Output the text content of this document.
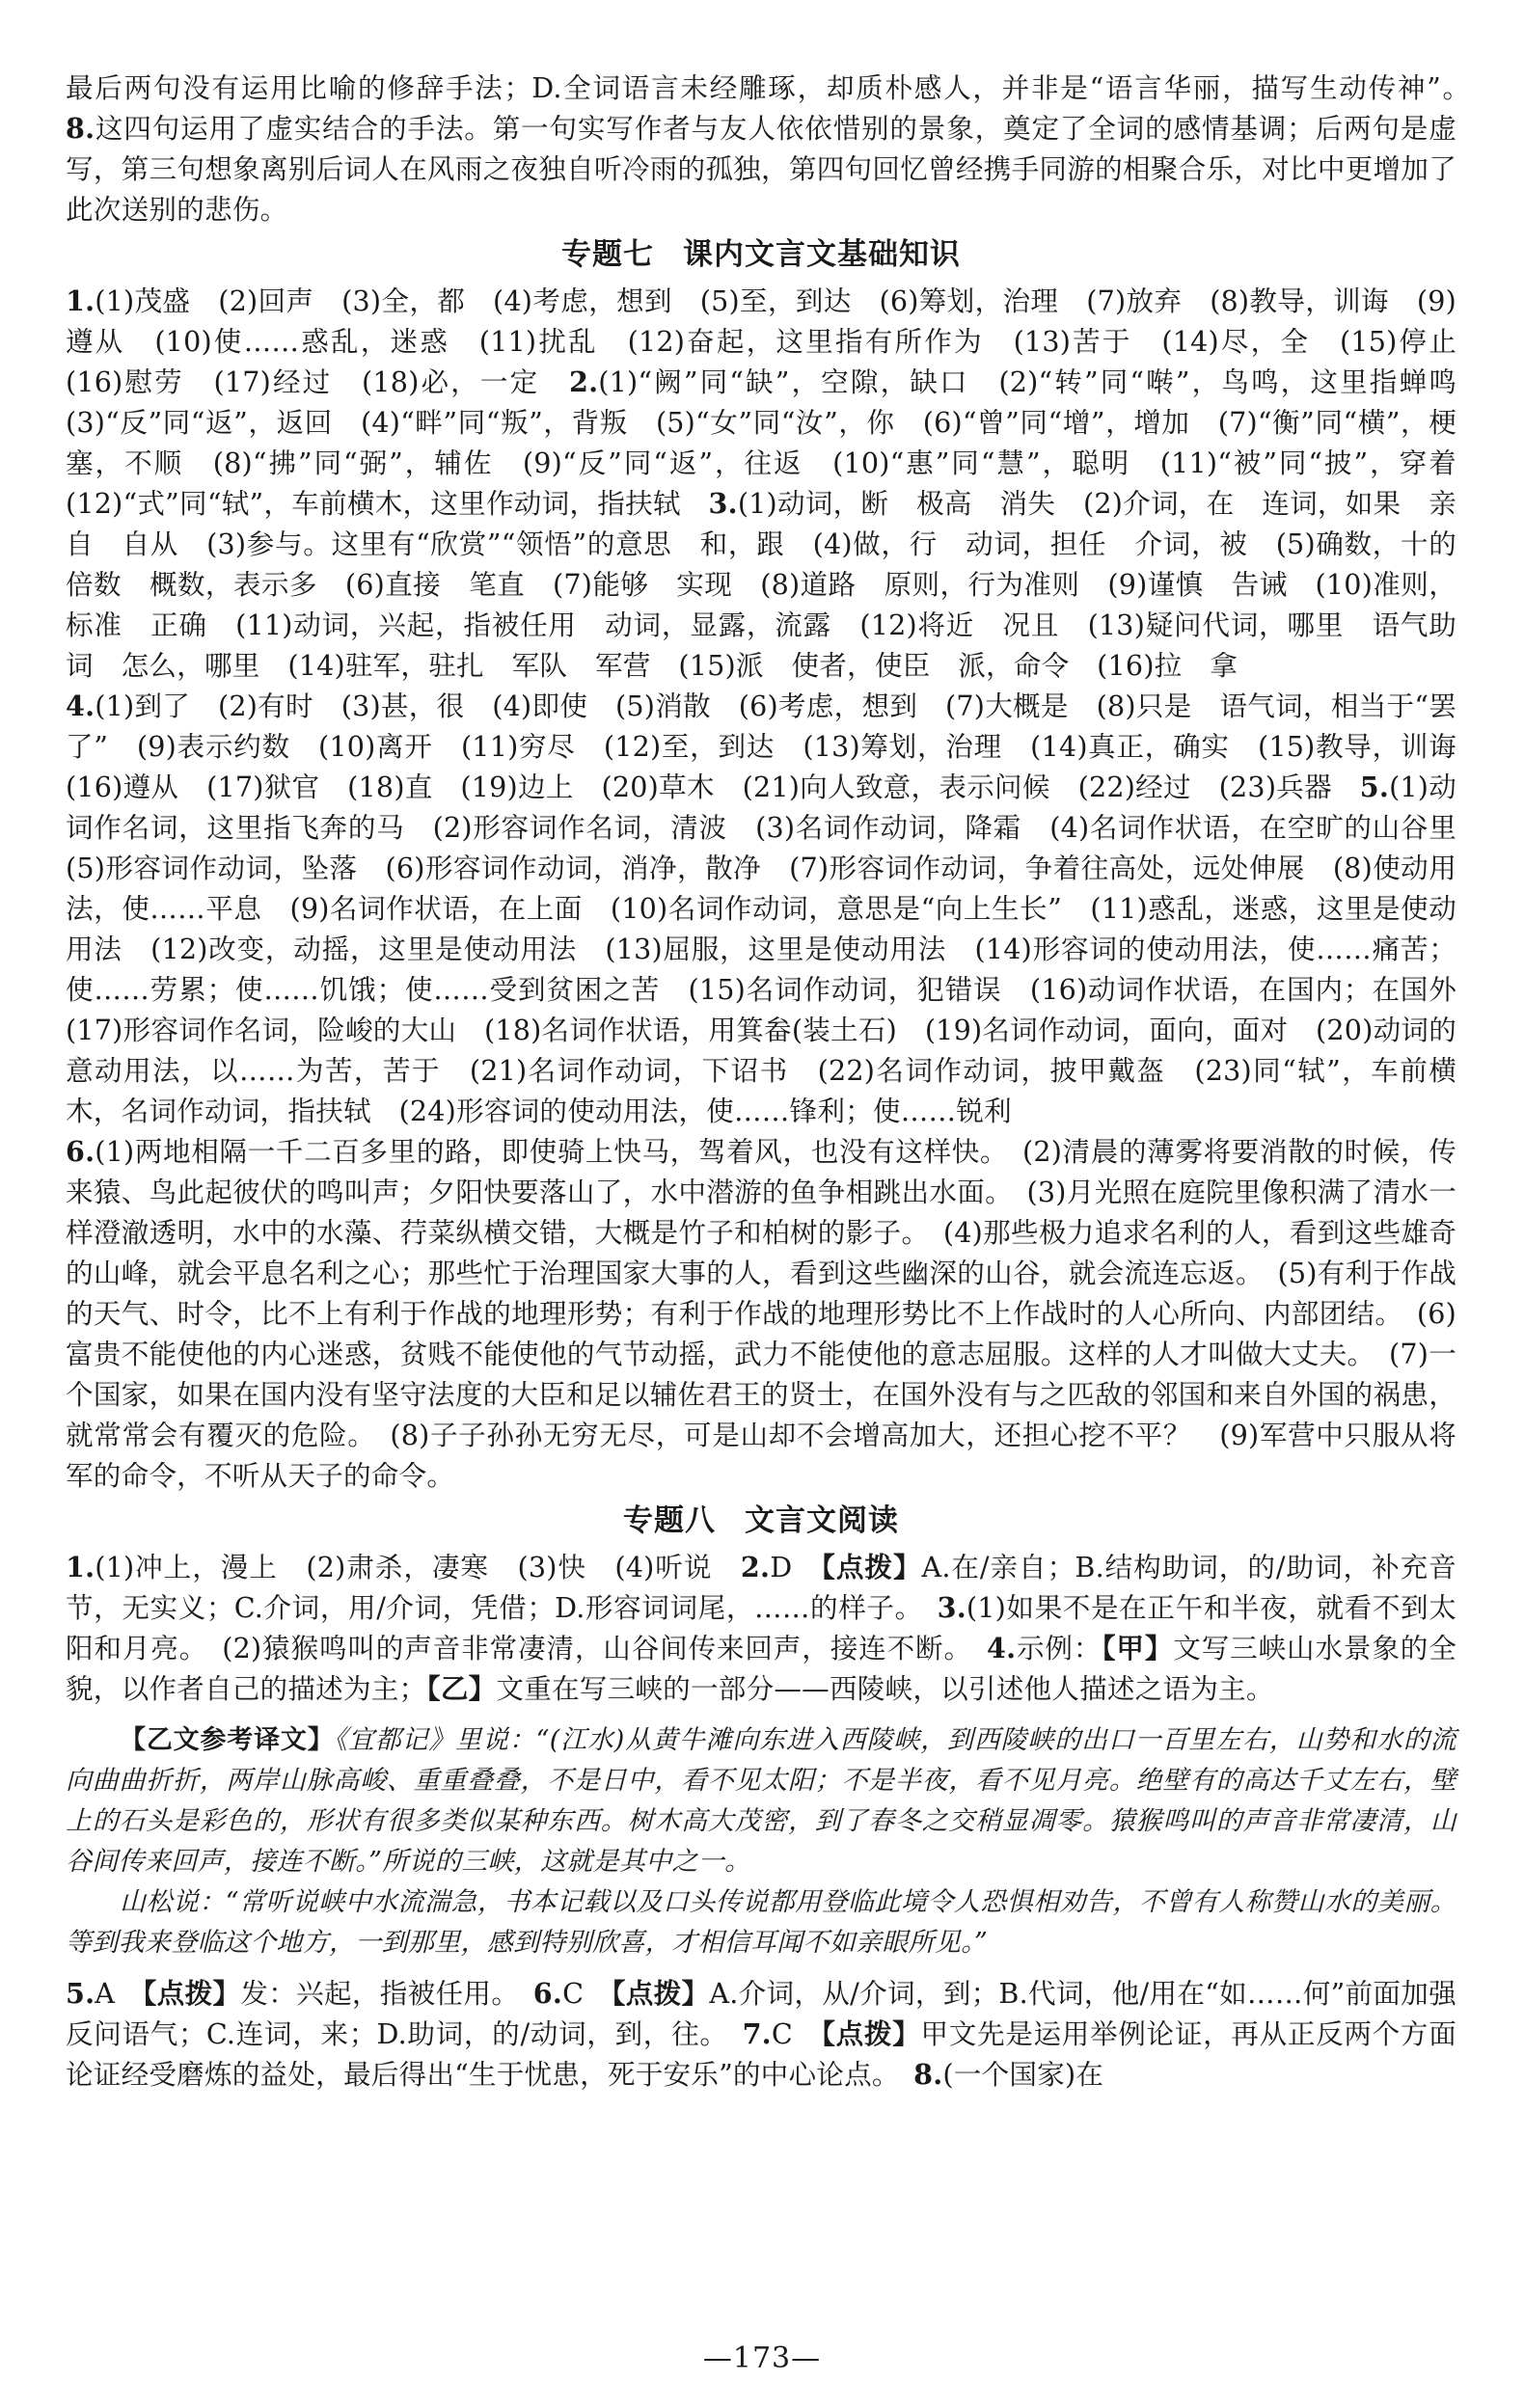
最后两句没有运用比喻的修辞手法；D.全词语言未经雕琢，却质朴感人，并非是“语言华丽，描写生动传神”。　　8.这四句运用了虚实结合的手法。第一句实写作者与友人依依惜别的景象，奠定了全词的感情基调；后两句是虚写，第三句想象离别后词人在风雨之夜独自听冷雨的孤独，第四句回忆曾经携手同游的相聚合乐，对比中更增加了此次送别的悲伤。

专题七 课内文言文基础知识

1.(1)茂盛　(2)回声　(3)全，都　(4)考虑，想到　(5)至，到达　(6)筹划，治理　(7)放弃　(8)教导，训诲　(9)遵从　(10)使……惑乱，迷惑　(11)扰乱　(12)奋起，这里指有所作为　(13)苦于　(14)尽，全　(15)停止　(16)慰劳　(17)经过　(18)必，一定　 2.(1)“阙”同“缺”，空隙，缺口　(2)“转”同“啭”，鸟鸣，这里指蝉鸣　(3)“反”同“返”，返回　(4)“畔”同“叛”，背叛　(5)“女”同“汝”，你　(6)“曾”同“增”，增加　(7)“衡”同“横”，梗塞，不顺　(8)“拂”同“弼”，辅佐　(9)“反”同“返”，往返　(10)“惠”同“慧”，聪明　(11)“被”同“披”，穿着　(12)“式”同“轼”，车前横木，这里作动词，指扶轼　 3.(1)动词，断　极高　消失　(2)介词，在　连词，如果　亲自　自从　(3)参与。这里有“欣赏”“领悟”的意思　和，跟　(4)做，行　动词，担任　介词，被　(5)确数，十的倍数　概数，表示多　(6)直接　笔直　(7)能够　实现　(8)道路　原则，行为准则　(9)谨慎　告诫　(10)准则，标准　正确　(11)动词，兴起，指被任用　动词，显露，流露　(12)将近　况且　(13)疑问代词，哪里　语气助词　怎么，哪里　(14)驻军，驻扎　军队　军营　(15)派　使者，使臣　派，命令　(16)拉　拿

4.(1)到了　(2)有时　(3)甚，很　(4)即使　(5)消散　(6)考虑，想到　(7)大概是　(8)只是　语气词，相当于“罢了”　(9)表示约数　(10)离开　(11)穷尽　(12)至，到达　(13)筹划，治理　(14)真正，确实　(15)教导，训诲　(16)遵从　(17)狱官　(18)直　(19)边上　(20)草木　(21)向人致意，表示问候　(22)经过　(23)兵器　 5.(1)动词作名词，这里指飞奔的马　(2)形容词作名词，清波　(3)名词作动词，降霜　(4)名词作状语，在空旷的山谷里　(5)形容词作动词，坠落　(6)形容词作动词，消净，散净　(7)形容词作动词，争着往高处，远处伸展　(8)使动用法，使……平息　(9)名词作状语，在上面　(10)名词作动词，意思是“向上生长”　(11)惑乱，迷惑，这里是使动用法　(12)改变，动摇，这里是使动用法　(13)屈服，这里是使动用法　(14)形容词的使动用法，使……痛苦；使……劳累；使……饥饿；使……受到贫困之苦　(15)名词作动词，犯错误　(16)动词作状语，在国内；在国外　(17)形容词作名词，险峻的大山　(18)名词作状语，用箕畚(装土石)　(19)名词作动词，面向，面对　(20)动词的意动用法，以……为苦，苦于　(21)名词作动词，下诏书　(22)名词作动词，披甲戴盔　(23)同“轼”，车前横木，名词作动词，指扶轼　(24)形容词的使动用法，使……锋利；使……锐利

6.(1)两地相隔一千二百多里的路，即使骑上快马，驾着风，也没有这样快。　(2)清晨的薄雾将要消散的时候，传来猿、鸟此起彼伏的鸣叫声；夕阳快要落山了，水中潜游的鱼争相跳出水面。　(3)月光照在庭院里像积满了清水一样澄澈透明，水中的水藻、荇菜纵横交错，大概是竹子和柏树的影子。　(4)那些极力追求名利的人，看到这些雄奇的山峰，就会平息名利之心；那些忙于治理国家大事的人，看到这些幽深的山谷，就会流连忘返。　(5)有利于作战的天气、时令，比不上有利于作战的地理形势；有利于作战的地理形势比不上作战时的人心所向、内部团结。　(6)富贵不能使他的内心迷惑，贫贱不能使他的气节动摇，武力不能使他的意志屈服。这样的人才叫做大丈夫。　(7)一个国家，如果在国内没有坚守法度的大臣和足以辅佐君王的贤士，在国外没有与之匹敌的邻国和来自外国的祸患，就常常会有覆灭的危险。　(8)子子孙孙无穷无尽，可是山却不会增高加大，还担心挖不平？　(9)军营中只服从将军的命令，不听从天子的命令。

专题八 文言文阅读

1.(1)冲上，漫上　(2)肃杀，凄寒　(3)快　(4)听说　2.D　【点拨】A.在/亲自；B.结构助词，的/助词，补充音节，无实义；C.介词，用/介词，凭借；D.形容词词尾，……的样子。　3.(1)如果不是在正午和半夜，就看不到太阳和月亮。　(2)猿猴鸣叫的声音非常凄清，山谷间传来回声，接连不断。　4.示例：【甲】文写三峡山水景象的全貌，以作者自己的描述为主；【乙】文重在写三峡的一部分——西陵峡，以引述他人描述之语为主。

【乙文参考译文】《宜都记》里说：“(江水)从黄牛滩向东进入西陵峡，到西陵峡的出口一百里左右，山势和水的流向曲曲折折，两岸山脉高峻、重重叠叠，不是日中，看不见太阳；不是半夜，看不见月亮。绝壁有的高达千丈左右，壁上的石头是彩色的，形状有很多类似某种东西。树木高大茂密，到了春冬之交稍显凋零。猿猴鸣叫的声音非常凄清，山谷间传来回声，接连不断。”所说的三峡，这就是其中之一。

山松说：“常听说峡中水流湍急，书本记载以及口头传说都用登临此境令人恐惧相劝告，不曾有人称赞山水的美丽。等到我来登临这个地方，一到那里，感到特别欣喜，才相信耳闻不如亲眼所见。”

5.A　【点拨】发：兴起，指被任用。　6.C　【点拨】A.介词，从/介词，到；B.代词，他/用在“如……何”前面加强反问语气；C.连词，来；D.助词，的/动词，到，往。　7.C　【点拨】甲文先是运用举例论证，再从正反两个方面论证经受磨炼的益处，最后得出“生于忧患，死于安乐”的中心论点。　8.(一个国家)在

—173—
